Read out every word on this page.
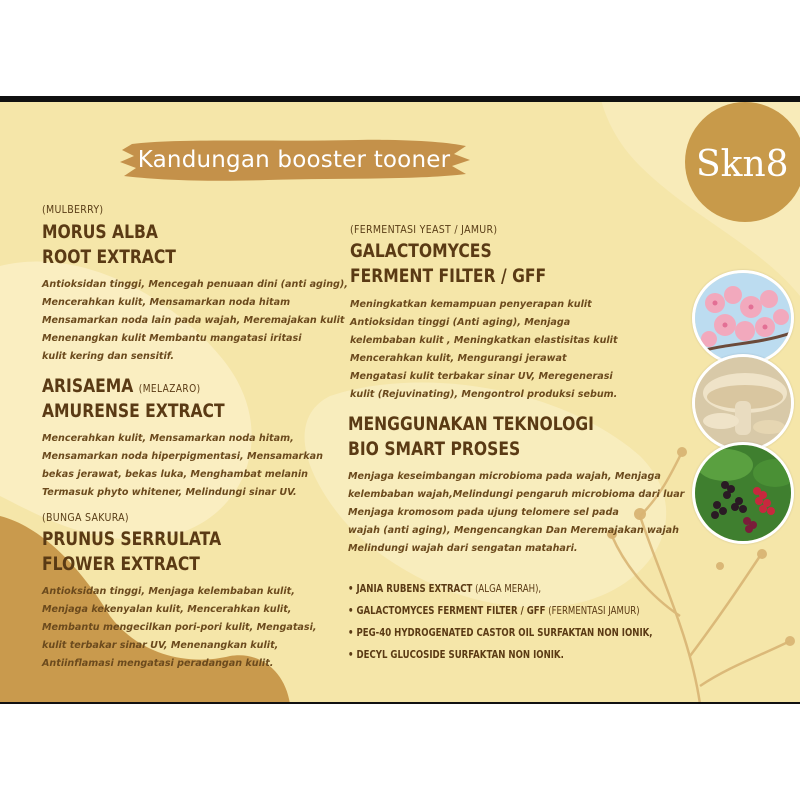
Kandungan booster tooner	Skn8
(MULBERRY)
MORUS ALBA
ROOT EXTRACT
Antioksidan tinggi, Mencegah penuaan dini (anti aging),
Mencerahkan kulit, Mensamarkan noda hitam
Mensamarkan noda lain pada wajah, Meremajakan kulit
Menenangkan kulit Membantu mangatasi iritasi
kulit kering dan sensitif.
ARISAEMA (MELAZARO)
AMURENSE EXTRACT
Mencerahkan kulit, Mensamarkan noda hitam,
Mensamarkan noda hiperpigmentasi, Mensamarkan
bekas jerawat, bekas luka, Menghambat melanin
Termasuk phyto whitener, Melindungi sinar UV.
(BUNGA SAKURA)
PRUNUS SERRULATA
FLOWER EXTRACT
Antioksidan tinggi, Menjaga kelembaban kulit,
Menjaga kekenyalan kulit, Mencerahkan kulit,
Membantu mengecilkan pori-pori kulit, Mengatasi,
kulit terbakar sinar UV, Menenangkan kulit,
Antiinflamasi mengatasi peradangan kulit.
(FERMENTASI YEAST / JAMUR)
GALACTOMYCES
FERMENT FILTER / GFF
Meningkatkan kemampuan penyerapan kulit
Antioksidan tinggi (Anti aging), Menjaga
kelembaban kulit , Meningkatkan elastisitas kulit
Mencerahkan kulit, Mengurangi jerawat
Mengatasi kulit terbakar sinar UV, Meregenerasi
kulit (Rejuvinating), Mengontrol produksi sebum.
MENGGUNAKAN TEKNOLOGI
BIO SMART PROSES
Menjaga keseimbangan microbioma pada wajah, Menjaga
kelembaban wajah,Melindungi pengaruh microbioma dari luar
Menjaga kromosom pada ujung telomere sel pada
wajah (anti aging), Mengencangkan Dan Meremajakan wajah
Melindungi wajah dari sengatan matahari.
• JANIA RUBENS EXTRACT (ALGA MERAH),
• GALACTOMYCES FERMENT FILTER / GFF (FERMENTASI JAMUR)
• PEG-40 HYDROGENATED CASTOR OIL SURFAKTAN NON IONIK,
• DECYL GLUCOSIDE SURFAKTAN NON IONIK.
